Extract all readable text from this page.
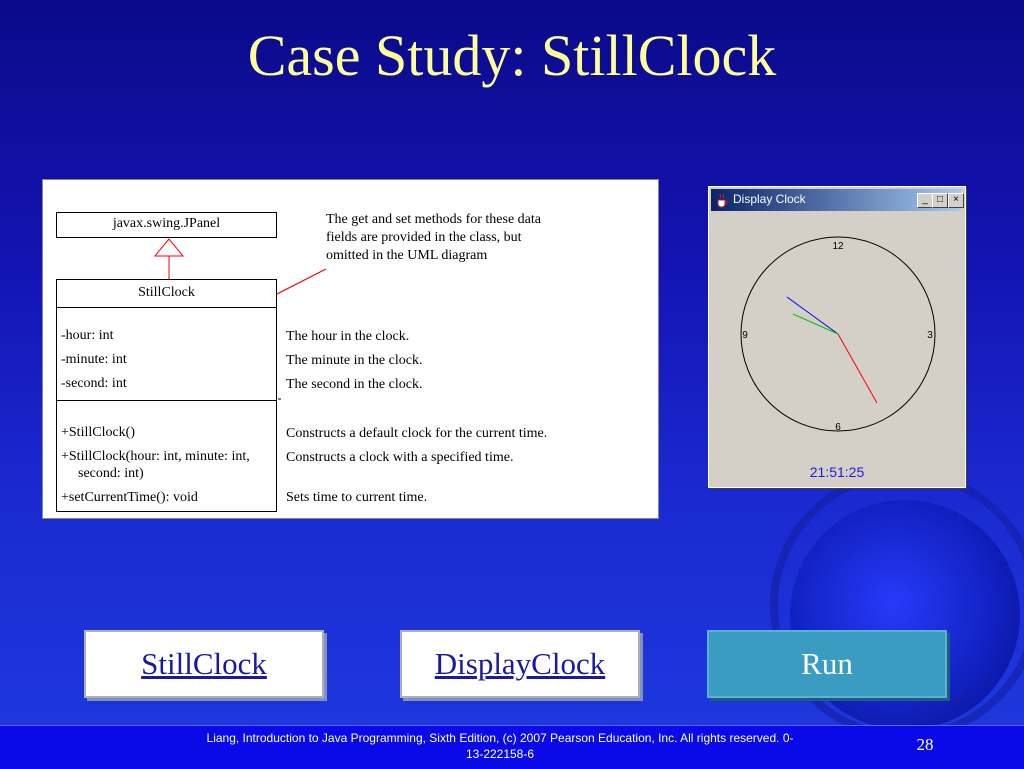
Case Study: StillClock
javax.swing.JPanel
StillClock
-hour: int
-minute: int
-second: int
+StillClock()
+StillClock(hour: int, minute: int,
second: int)
+setCurrentTime(): void
The get and set methods for these data
fields are provided in the class, but
omitted in the UML diagram
The hour in the clock.
The minute in the clock.
The second in the clock.
Constructs a default clock for the current time.
Constructs a clock with a specified time.
Sets time to current time.
Display Clock	_ □	×
12
3
6
9
21:51:25
StillClock	DisplayClock	Run
Liang, Introduction to Java Programming, Sixth Edition, (c) 2007 Pearson Education, Inc. All rights reserved. 0-13-222158-6	28
